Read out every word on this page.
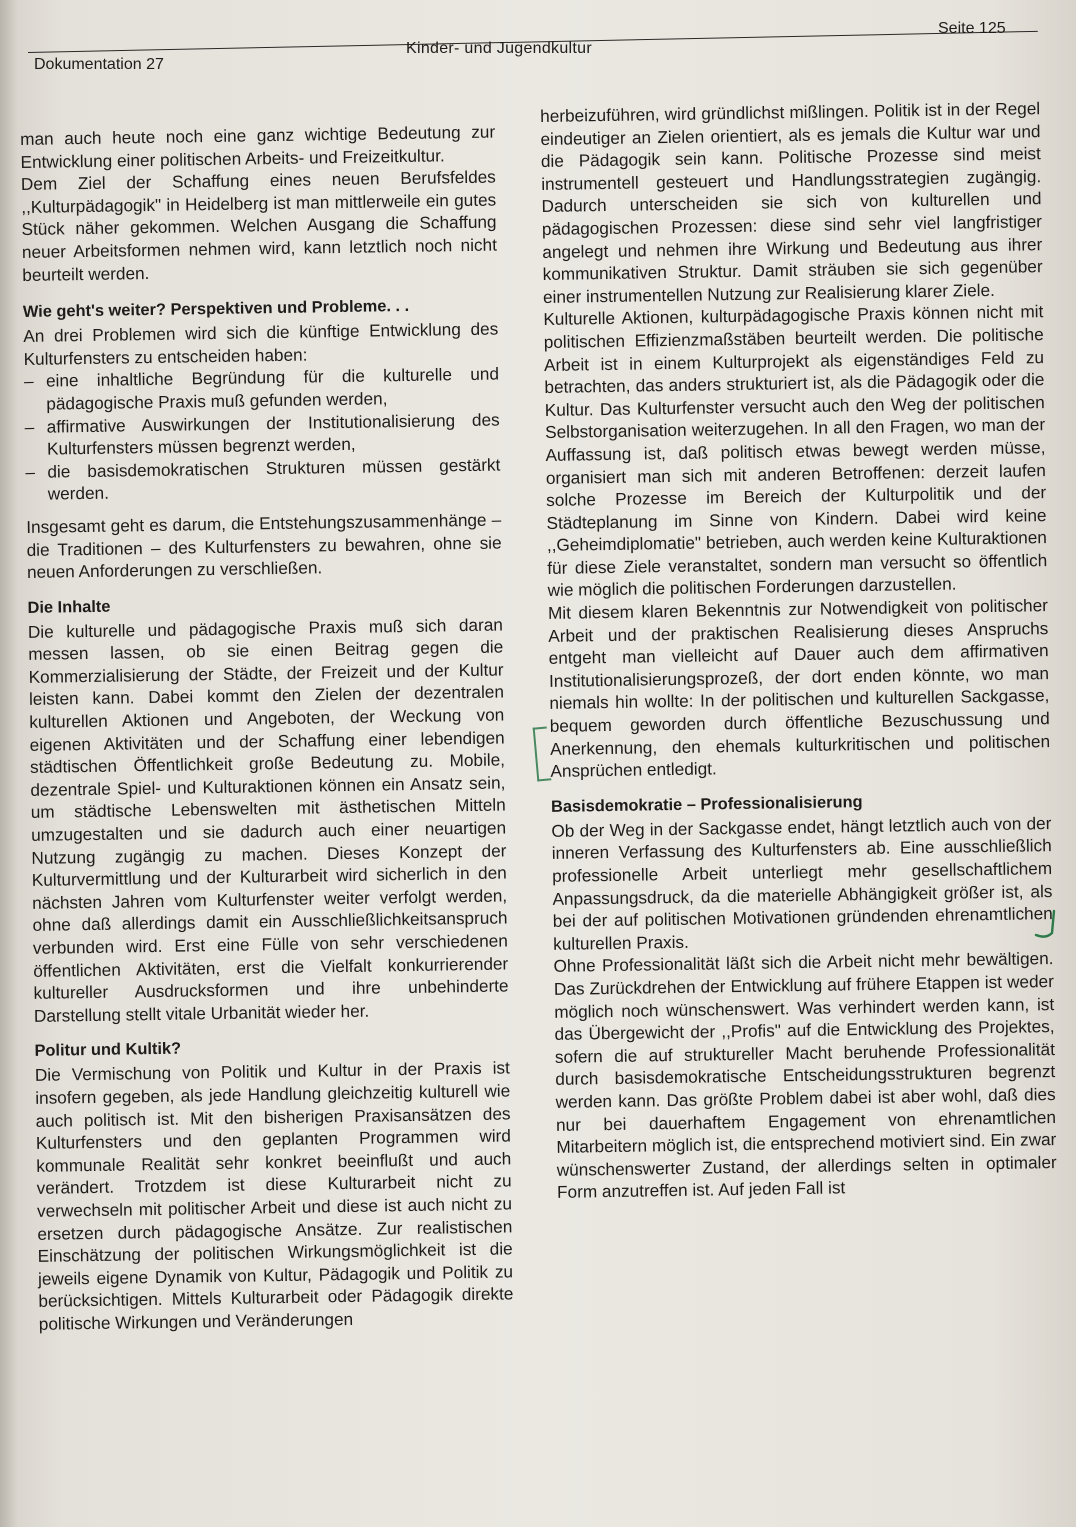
Dokumentation 27
Kinder- und Jugendkultur
Seite 125

man auch heute noch eine ganz wichtige Bedeutung zur Entwicklung einer politischen Arbeits- und Freizeitkultur.

Dem Ziel der Schaffung eines neuen Berufsfeldes ,,Kulturpädagogik" in Heidelberg ist man mittlerweile ein gutes Stück näher gekommen. Welchen Ausgang die Schaffung neuer Arbeitsformen nehmen wird, kann letztlich noch nicht beurteilt werden.

Wie geht's weiter? Perspektiven und Probleme. . .

An drei Problemen wird sich die künftige Entwicklung des Kulturfensters zu entscheiden haben:

– eine inhaltliche Begründung für die kulturelle und pädagogische Praxis muß gefunden werden,
– affirmative Auswirkungen der Institutionalisierung des Kulturfensters müssen begrenzt werden,
– die basisdemokratischen Strukturen müssen gestärkt werden.

Insgesamt geht es darum, die Entstehungszusammenhänge – die Traditionen – des Kulturfensters zu bewahren, ohne sie neuen Anforderungen zu verschließen.

Die Inhalte

Die kulturelle und pädagogische Praxis muß sich daran messen lassen, ob sie einen Beitrag gegen die Kommerzialisierung der Städte, der Freizeit und der Kultur leisten kann. Dabei kommt den Zielen der dezentralen kulturellen Aktionen und Angeboten, der Weckung von eigenen Aktivitäten und der Schaffung einer lebendigen städtischen Öffentlichkeit große Bedeutung zu. Mobile, dezentrale Spiel- und Kulturaktionen können ein Ansatz sein, um städtische Lebenswelten mit ästhetischen Mitteln umzugestalten und sie dadurch auch einer neuartigen Nutzung zugängig zu machen. Dieses Konzept der Kulturvermittlung und der Kulturarbeit wird sicherlich in den nächsten Jahren vom Kulturfenster weiter verfolgt werden, ohne daß allerdings damit ein Ausschließlichkeitsanspruch verbunden wird. Erst eine Fülle von sehr verschiedenen öffentlichen Aktivitäten, erst die Vielfalt konkurrierender kultureller Ausdrucksformen und ihre unbehinderte Darstellung stellt vitale Urbanität wieder her.

Politur und Kultik?

Die Vermischung von Politik und Kultur in der Praxis ist insofern gegeben, als jede Handlung gleichzeitig kulturell wie auch politisch ist. Mit den bisherigen Praxisansätzen des Kulturfensters und den geplanten Programmen wird kommunale Realität sehr konkret beeinflußt und auch verändert. Trotzdem ist diese Kulturarbeit nicht zu verwechseln mit politischer Arbeit und diese ist auch nicht zu ersetzen durch pädagogische Ansätze. Zur realistischen Einschätzung der politischen Wirkungsmöglichkeit ist die jeweils eigene Dynamik von Kultur, Pädagogik und Politik zu berücksichtigen. Mittels Kulturarbeit oder Pädagogik direkte politische Wirkungen und Veränderungen

herbeizuführen, wird gründlichst mißlingen. Politik ist in der Regel eindeutiger an Zielen orientiert, als es jemals die Kultur war und die Pädagogik sein kann. Politische Prozesse sind meist instrumentell gesteuert und Handlungsstrategien zugängig. Dadurch unterscheiden sie sich von kulturellen und pädagogischen Prozessen: diese sind sehr viel langfristiger angelegt und nehmen ihre Wirkung und Bedeutung aus ihrer kommunikativen Struktur. Damit sträuben sie sich gegenüber einer instrumentellen Nutzung zur Realisierung klarer Ziele.

Kulturelle Aktionen, kulturpädagogische Praxis können nicht mit politischen Effizienzmaßstäben beurteilt werden. Die politische Arbeit ist in einem Kulturprojekt als eigenständiges Feld zu betrachten, das anders strukturiert ist, als die Pädagogik oder die Kultur. Das Kulturfenster versucht auch den Weg der politischen Selbstorganisation weiterzugehen. In all den Fragen, wo man der Auffassung ist, daß politisch etwas bewegt werden müsse, organisiert man sich mit anderen Betroffenen: derzeit laufen solche Prozesse im Bereich der Kulturpolitik und der Städteplanung im Sinne von Kindern. Dabei wird keine ,,Geheimdiplomatie" betrieben, auch werden keine Kulturaktionen für diese Ziele veranstaltet, sondern man versucht so öffentlich wie möglich die politischen Forderungen darzustellen.

Mit diesem klaren Bekenntnis zur Notwendigkeit von politischer Arbeit und der praktischen Realisierung dieses Anspruchs entgeht man vielleicht auf Dauer auch dem affirmativen Institutionalisierungsprozeß, der dort enden könnte, wo man niemals hin wollte: In der politischen und kulturellen Sackgasse, bequem geworden durch öffentliche Bezuschussung und Anerkennung, den ehemals kulturkritischen und politischen Ansprüchen entledigt.

Basisdemokratie – Professionalisierung

Ob der Weg in der Sackgasse endet, hängt letztlich auch von der inneren Verfassung des Kulturfensters ab. Eine ausschließlich professionelle Arbeit unterliegt mehr gesellschaftlichem Anpassungsdruck, da die materielle Abhängigkeit größer ist, als bei der auf politischen Motivationen gründenden ehrenamtlichen kulturellen Praxis.

Ohne Professionalität läßt sich die Arbeit nicht mehr bewältigen. Das Zurückdrehen der Entwicklung auf frühere Etappen ist weder möglich noch wünschenswert. Was verhindert werden kann, ist das Übergewicht der ,,Profis" auf die Entwicklung des Projektes, sofern die auf struktureller Macht beruhende Professionalität durch basisdemokratische Entscheidungsstrukturen begrenzt werden kann. Das größte Problem dabei ist aber wohl, daß dies nur bei dauerhaftem Engagement von ehrenamtlichen Mitarbeitern möglich ist, die entsprechend motiviert sind. Ein zwar wünschenswerter Zustand, der allerdings selten in optimaler Form anzutreffen ist. Auf jeden Fall ist
